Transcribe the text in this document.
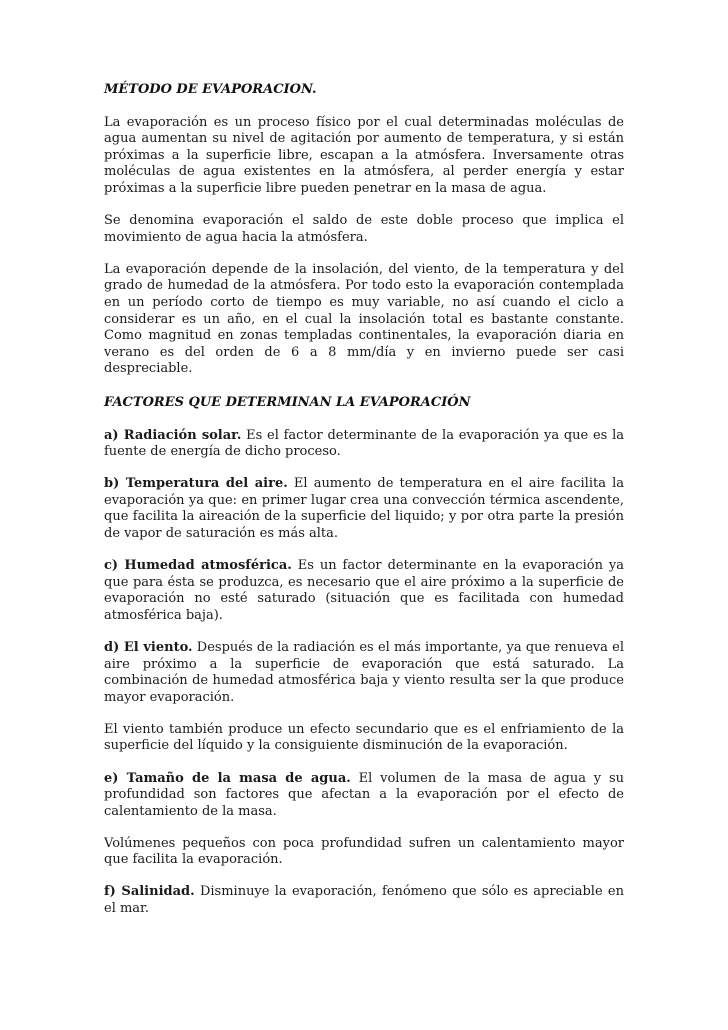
MÉTODO DE EVAPORACION.

La evaporación es un proceso físico por el cual determinadas moléculas de agua aumentan su nivel de agitación por aumento de temperatura, y si están próximas a la superficie libre, escapan a la atmósfera. Inversamente otras moléculas de agua existentes en la atmósfera, al perder energía y estar próximas a la superficie libre pueden penetrar en la masa de agua.

Se denomina evaporación el saldo de este doble proceso que implica el movimiento de agua hacia la atmósfera.

La evaporación depende de la insolación, del viento, de la temperatura y del grado de humedad de la atmósfera. Por todo esto la evaporación contemplada en un período corto de tiempo es muy variable, no así cuando el ciclo a considerar es un año, en el cual la insolación total es bastante constante. Como magnitud en zonas templadas continentales, la evaporación diaria en verano es del orden de 6 a 8 mm/día y en invierno puede ser casi despreciable.

FACTORES QUE DETERMINAN LA EVAPORACIÓN

a) Radiación solar. Es el factor determinante de la evaporación ya que es la fuente de energía de dicho proceso.

b) Temperatura del aire. El aumento de temperatura en el aire facilita la evaporación ya que: en primer lugar crea una convección térmica ascendente, que facilita la aireación de la superficie del liquido; y por otra parte la presión de vapor de saturación es más alta.

c) Humedad atmosférica. Es un factor determinante en la evaporación ya que para ésta se produzca, es necesario que el aire próximo a la superficie de evaporación no esté saturado (situación que es facilitada con humedad atmosférica baja).

d) El viento. Después de la radiación es el más importante, ya que renueva el aire próximo a la superficie de evaporación que está saturado. La combinación de humedad atmosférica baja y viento resulta ser la que produce mayor evaporación.

El viento también produce un efecto secundario que es el enfriamiento de la superficie del líquido y la consiguiente disminución de la evaporación.

e) Tamaño de la masa de agua. El volumen de la masa de agua y su profundidad son factores que afectan a la evaporación por el efecto de calentamiento de la masa.

Volúmenes pequeños con poca profundidad sufren un calentamiento mayor que facilita la evaporación.

f) Salinidad. Disminuye la evaporación, fenómeno que sólo es apreciable en el mar.
